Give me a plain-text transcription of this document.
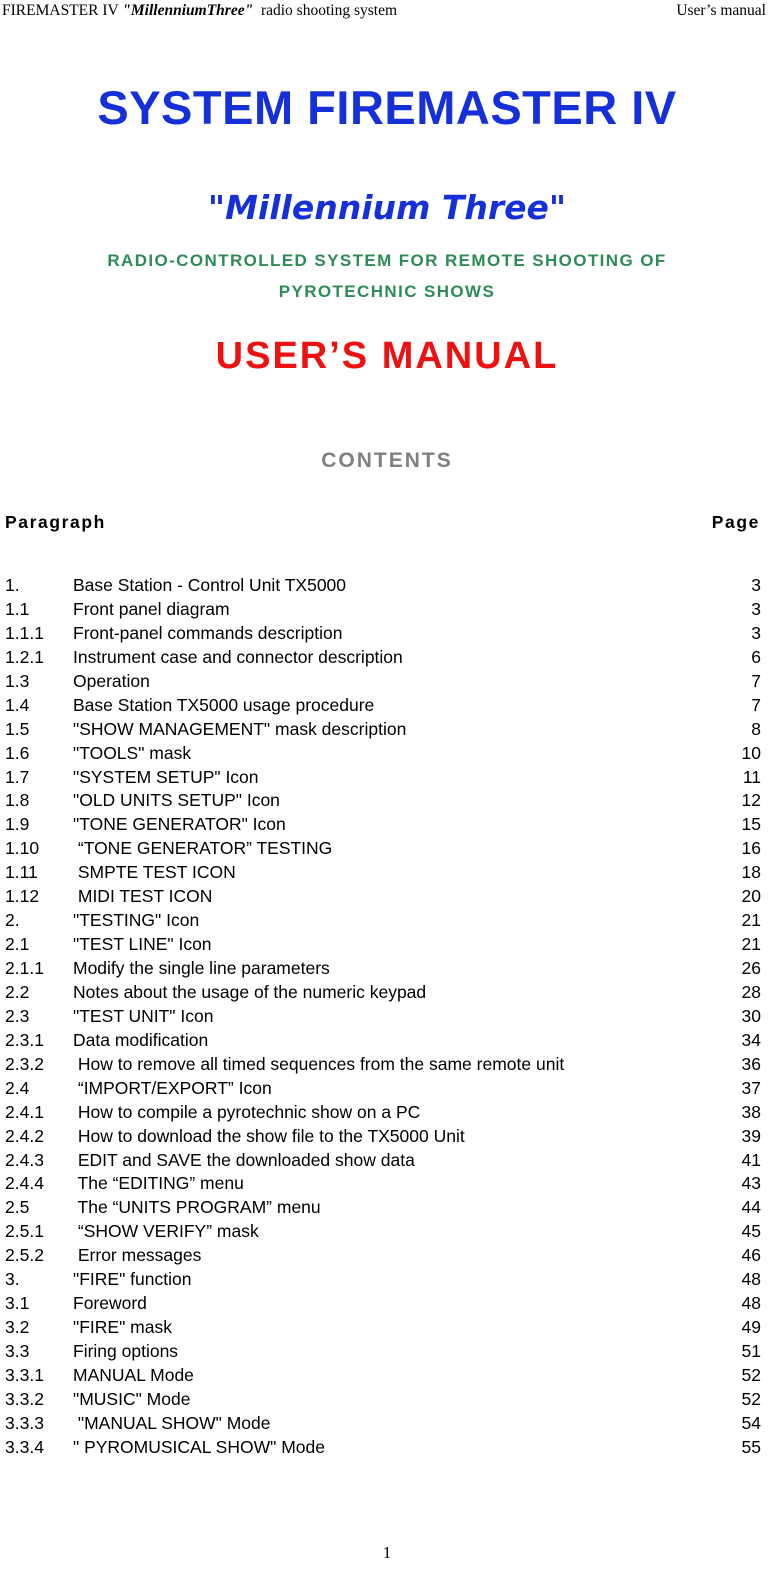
FIREMASTER IV "MillenniumThree"  radio shooting system	User’s manual
SYSTEM FIREMASTER IV
"Millennium Three"
RADIO-CONTROLLED SYSTEM FOR REMOTE SHOOTING OF
PYROTECHNIC SHOWS
USER’S MANUAL
CONTENTS
Paragraph	Page
1.	Base Station - Control Unit TX5000	3
1.1 Front panel diagram	3
1.1.1 Front-panel commands description	3
1.2.1 Instrument case and connector description	6
1.3 Operation	7
1.4 Base Station TX5000 usage procedure	7
1.5 "SHOW MANAGEMENT" mask description	8
1.6 "TOOLS" mask	10
1.7 "SYSTEM SETUP" Icon	11
1.8 "OLD UNITS SETUP" Icon	12
1.9 "TONE GENERATOR" Icon	15
1.10 “TONE GENERATOR” TESTING	16
1.11 SMPTE TEST ICON	18
1.12 MIDI TEST ICON	20
2.	"TESTING" Icon	21
2.1 "TEST LINE" Icon	21
2.1.1 Modify the single line parameters	26
2.2 Notes about the usage of the numeric keypad	28
2.3 "TEST UNIT" Icon	30
2.3.1 Data modification	34
2.3.2 How to remove all timed sequences from the same remote unit	36
2.4 “IMPORT/EXPORT” Icon	37
2.4.1 How to compile a pyrotechnic show on a PC	38
2.4.2 How to download the show file to the TX5000 Unit	39
2.4.3 EDIT and SAVE the downloaded show data	41
2.4.4 The “EDITING” menu	43
2.5 The “UNITS PROGRAM” menu	44
2.5.1 “SHOW VERIFY” mask	45
2.5.2 Error messages	46
3.	"FIRE" function	48
3.1 Foreword	48
3.2 "FIRE" mask	49
3.3 Firing options	51
3.3.1 MANUAL Mode	52
3.3.2 "MUSIC" Mode	52
3.3.3 "MANUAL SHOW" Mode	54
3.3.4 " PYROMUSICAL SHOW" Mode	55
1
